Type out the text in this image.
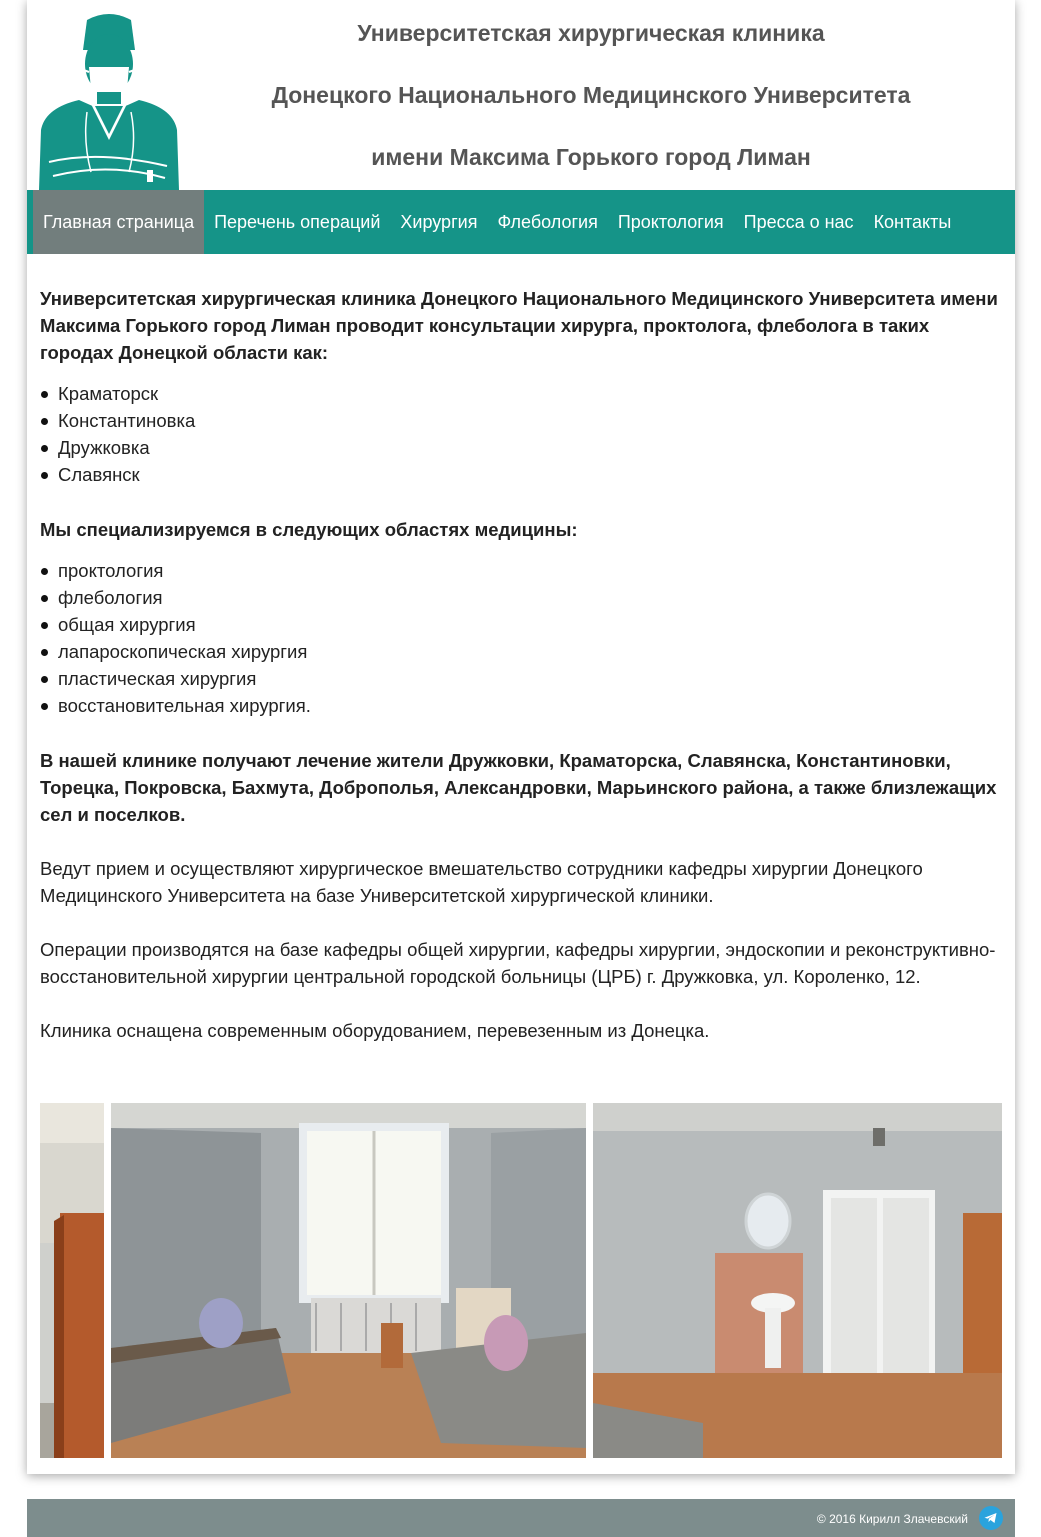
Университетская хирургическая клиника
Донецкого Национального Медицинского Университета
имени Максима Горького город Лиман
Главная страница	Перечень операций	Хирургия	Флебология	Проктология	Пресса о нас	Контакты

Университетская хирургическая клиника Донецкого Национального Медицинского Университета имени Максима Горького город Лиман проводит консультации хирурга, проктолога, флеболога в таких городах Донецкой области как:

Краматорск
Константиновка
Дружковка
Славянск

Мы специализируемся в следующих областях медицины:

проктология
флебология
общая хирургия
лапароскопическая хирургия
пластическая хирургия
восстановительная хирургия.

В нашей клинике получают лечение жители Дружковки, Краматорска, Славянска, Константиновки, Торецка, Покровска, Бахмута, Доброполья, Александровки, Марьинского района, а также близлежащих сел и поселков.

Ведут прием и осуществляют хирургическое вмешательство сотрудники кафедры хирургии Донецкого Медицинского Университета на базе Университетской хирургической клиники.

Операции производятся на базе кафедры общей хирургии, кафедры хирургии, эндоскопии и реконструктивно-восстановительной хирургии центральной городской больницы (ЦРБ) г. Дружковка, ул. Короленко, 12.

Клиника оснащена современным оборудованием, перевезенным из Донецка.

© 2016 Кирилл Злачевский
